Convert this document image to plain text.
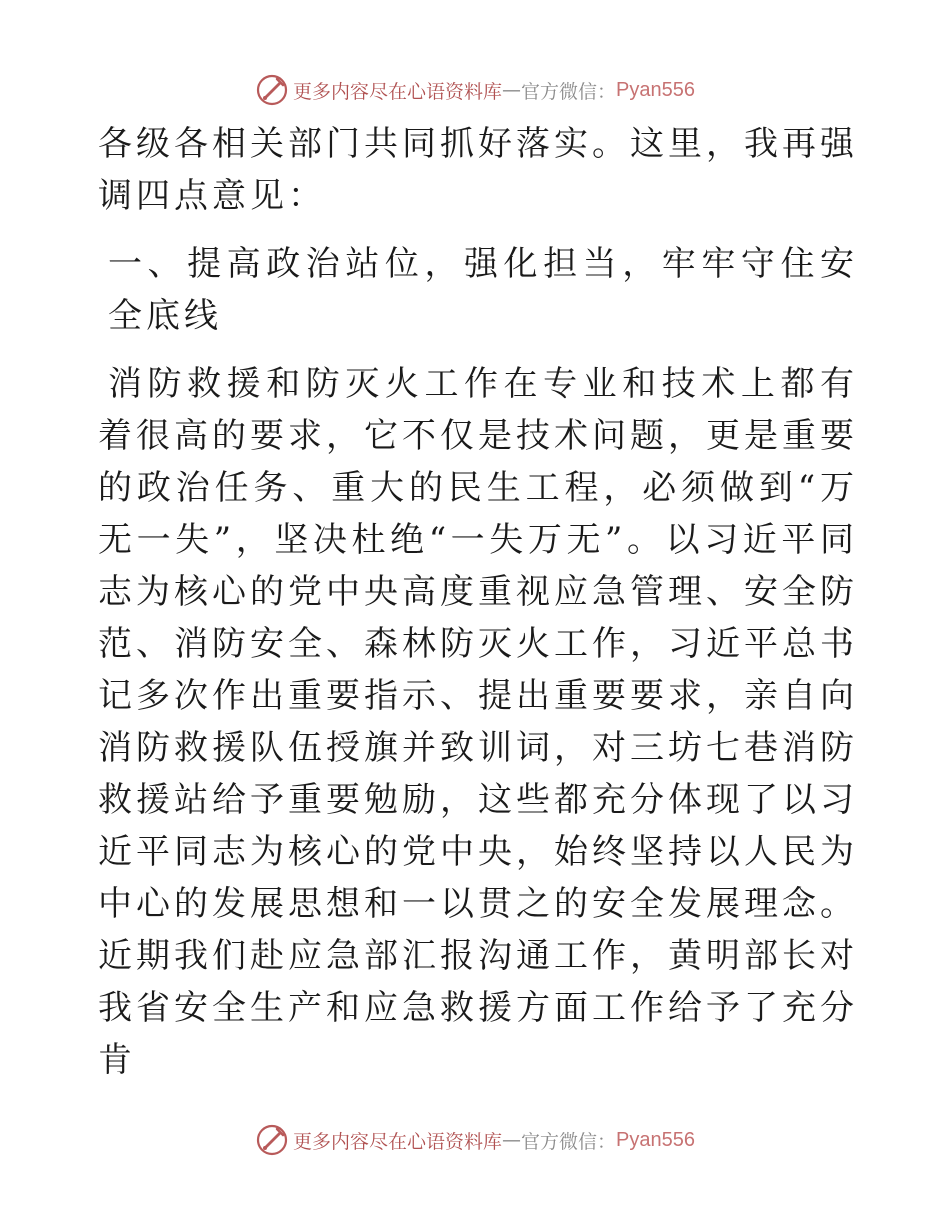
更多内容尽在心语资料库 — 官方微信： Pyan556

各级各相关部门共同抓好落实。这里，我再强调四点意见：

一、提高政治站位，强化担当，牢牢守住安全底线

消防救援和防灭火工作在专业和技术上都有着很高的要求，它不仅是技术问题，更是重要的政治任务、重大的民生工程，必须做到“万无一失”，坚决杜绝“一失万无”。以习近平同志为核心的党中央高度重视应急管理、安全防范、消防安全、森林防灭火工作，习近平总书记多次作出重要指示、提出重要要求，亲自向消防救援队伍授旗并致训词，对三坊七巷消防救援站给予重要勉励，这些都充分体现了以习近平同志为核心的党中央，始终坚持以人民为中心的发展思想和一以贯之的安全发展理念。近期我们赴应急部汇报沟通工作，黄明部长对我省安全生产和应急救援方面工作给予了充分肯

更多内容尽在心语资料库 — 官方微信： Pyan556
